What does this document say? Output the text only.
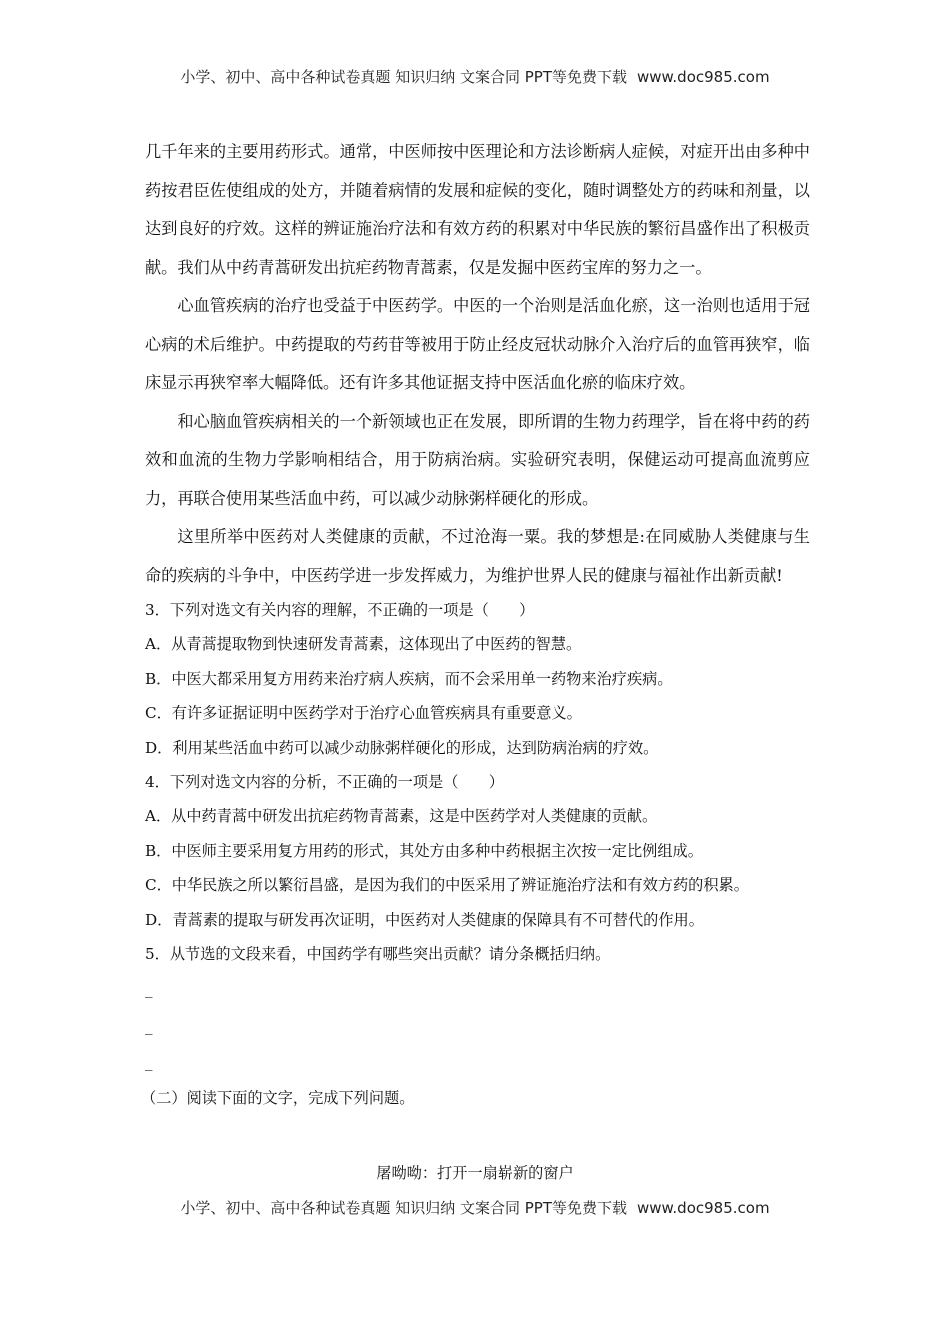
小学、初中、高中各种试卷真题 知识归纳 文案合同 PPT等免费下载 www.doc985.com

几千年来的主要用药形式。通常，中医师按中医理论和方法诊断病人症候，对症开出由多种中药按君臣佐使组成的处方，并随着病情的发展和症候的变化，随时调整处方的药味和剂量，以达到良好的疗效。这样的辨证施治疗法和有效方药的积累对中华民族的繁衍昌盛作出了积极贡献。我们从中药青蒿研发出抗疟药物青蒿素，仅是发掘中医药宝库的努力之一。

心血管疾病的治疗也受益于中医药学。中医的一个治则是活血化瘀，这一治则也适用于冠心病的术后维护。中药提取的芍药苷等被用于防止经皮冠状动脉介入治疗后的血管再狭窄，临床显示再狭窄率大幅降低。还有许多其他证据支持中医活血化瘀的临床疗效。

和心脑血管疾病相关的一个新领域也正在发展，即所谓的生物力药理学，旨在将中药的药效和血流的生物力学影响相结合，用于防病治病。实验研究表明，保健运动可提高血流剪应力，再联合使用某些活血中药，可以减少动脉粥样硬化的形成。

这里所举中医药对人类健康的贡献，不过沧海一粟。我的梦想是:在同威胁人类健康与生命的疾病的斗争中，中医药学进一步发挥威力，为维护世界人民的健康与福祉作出新贡献!

3．下列对选文有关内容的理解，不正确的一项是（　　）

A．从青蒿提取物到快速研发青蒿素，这体现出了中医药的智慧。

B．中医大都采用复方用药来治疗病人疾病，而不会采用单一药物来治疗疾病。

C．有许多证据证明中医药学对于治疗心血管疾病具有重要意义。

D．利用某些活血中药可以减少动脉粥样硬化的形成，达到防病治病的疗效。

4．下列对选文内容的分析，不正确的一项是（　　）

A．从中药青蒿中研发出抗疟药物青蒿素，这是中医药学对人类健康的贡献。

B．中医师主要采用复方用药的形式，其处方由多种中药根据主次按一定比例组成。

C．中华民族之所以繁衍昌盛，是因为我们的中医采用了辨证施治疗法和有效方药的积累。

D．青蒿素的提取与研发再次证明，中医药对人类健康的保障具有不可替代的作用。

5．从节选的文段来看，中国药学有哪些突出贡献？请分条概括归纳。

_

_

_

（二）阅读下面的文字，完成下列问题。

屠呦呦：打开一扇崭新的窗户
小学、初中、高中各种试卷真题 知识归纳 文案合同 PPT等免费下载 www.doc985.com
